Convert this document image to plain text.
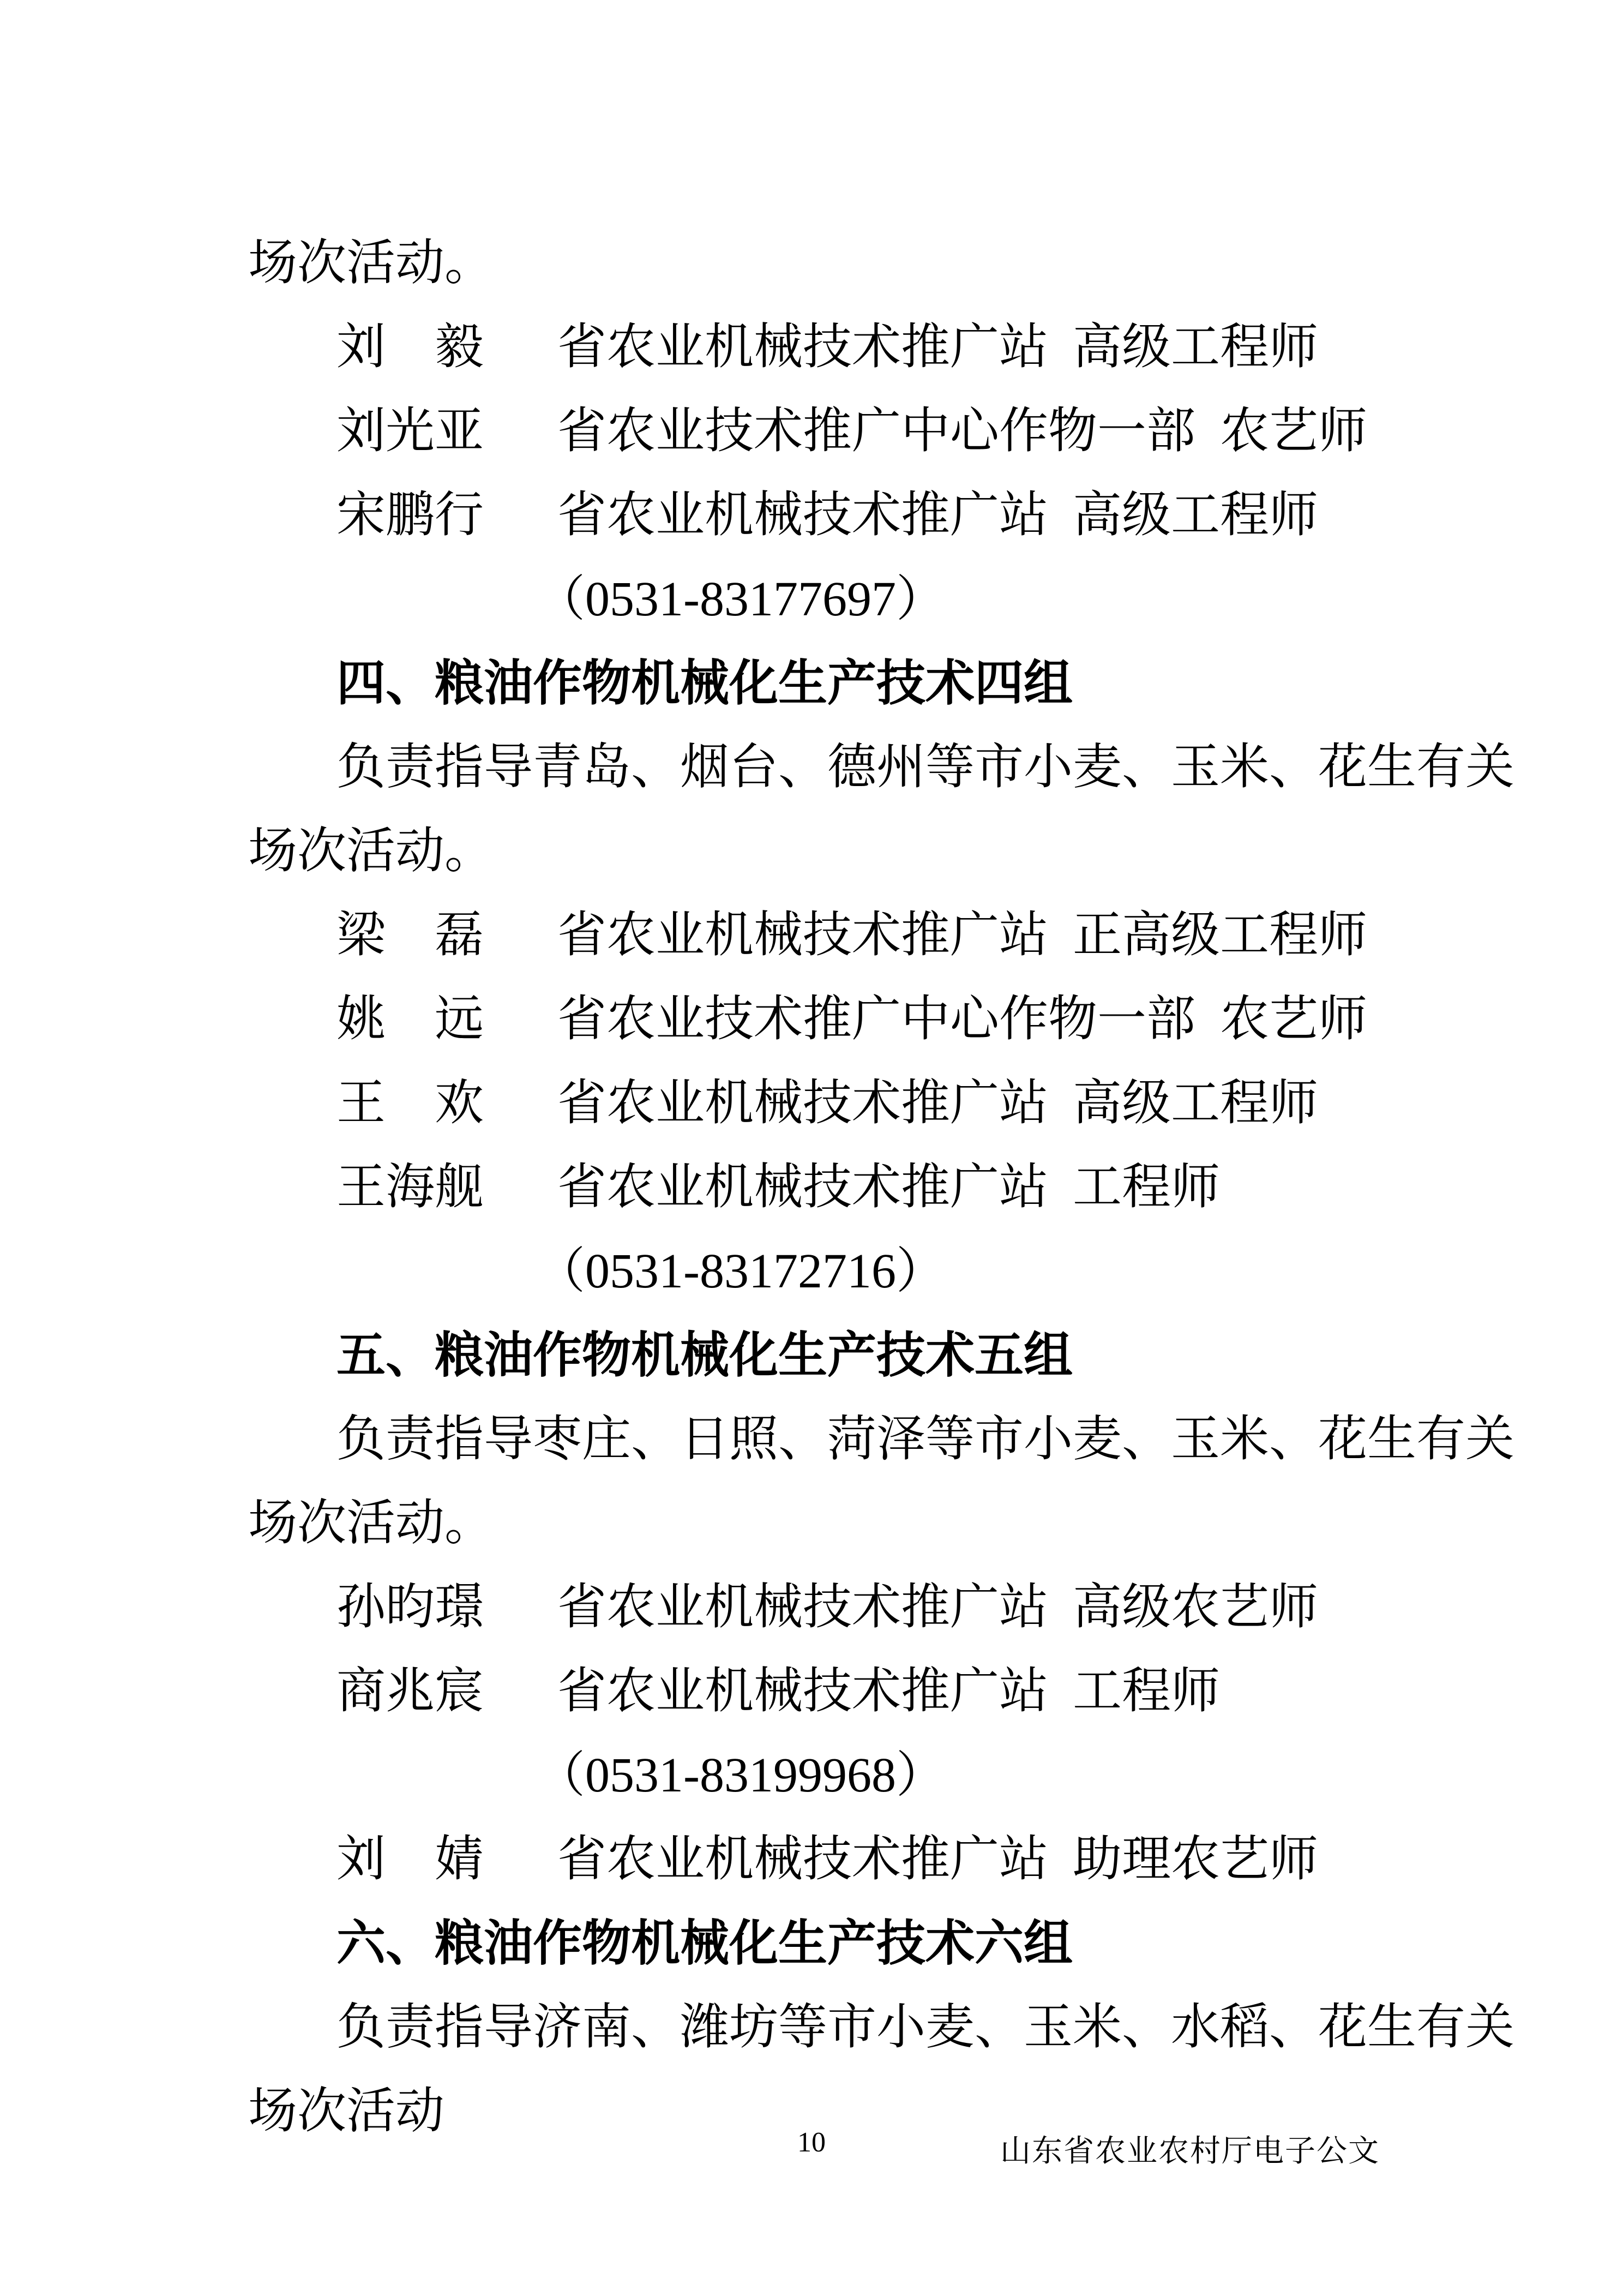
场次活动。
刘毅 省农业机械技术推广站 高级工程师
刘光亚 省农业技术推广中心作物一部 农艺师
宋鹏行 省农业机械技术推广站 高级工程师
（0531-83177697）
四、粮油作物机械化生产技术四组
负责指导青岛、烟台、德州等市小麦、玉米、花生有关
场次活动。
梁磊 省农业机械技术推广站 正高级工程师
姚远 省农业技术推广中心作物一部 农艺师
王欢 省农业机械技术推广站 高级工程师
王海舰 省农业机械技术推广站 工程师
（0531-83172716）
五、粮油作物机械化生产技术五组
负责指导枣庄、日照、菏泽等市小麦、玉米、花生有关
场次活动。
孙昀璟 省农业机械技术推广站 高级农艺师
商兆宸 省农业机械技术推广站 工程师
（0531-83199968）
刘婧 省农业机械技术推广站 助理农艺师
六、粮油作物机械化生产技术六组
负责指导济南、潍坊等市小麦、玉米、水稻、花生有关
场次活动
10	山东省农业农村厅电子公文
